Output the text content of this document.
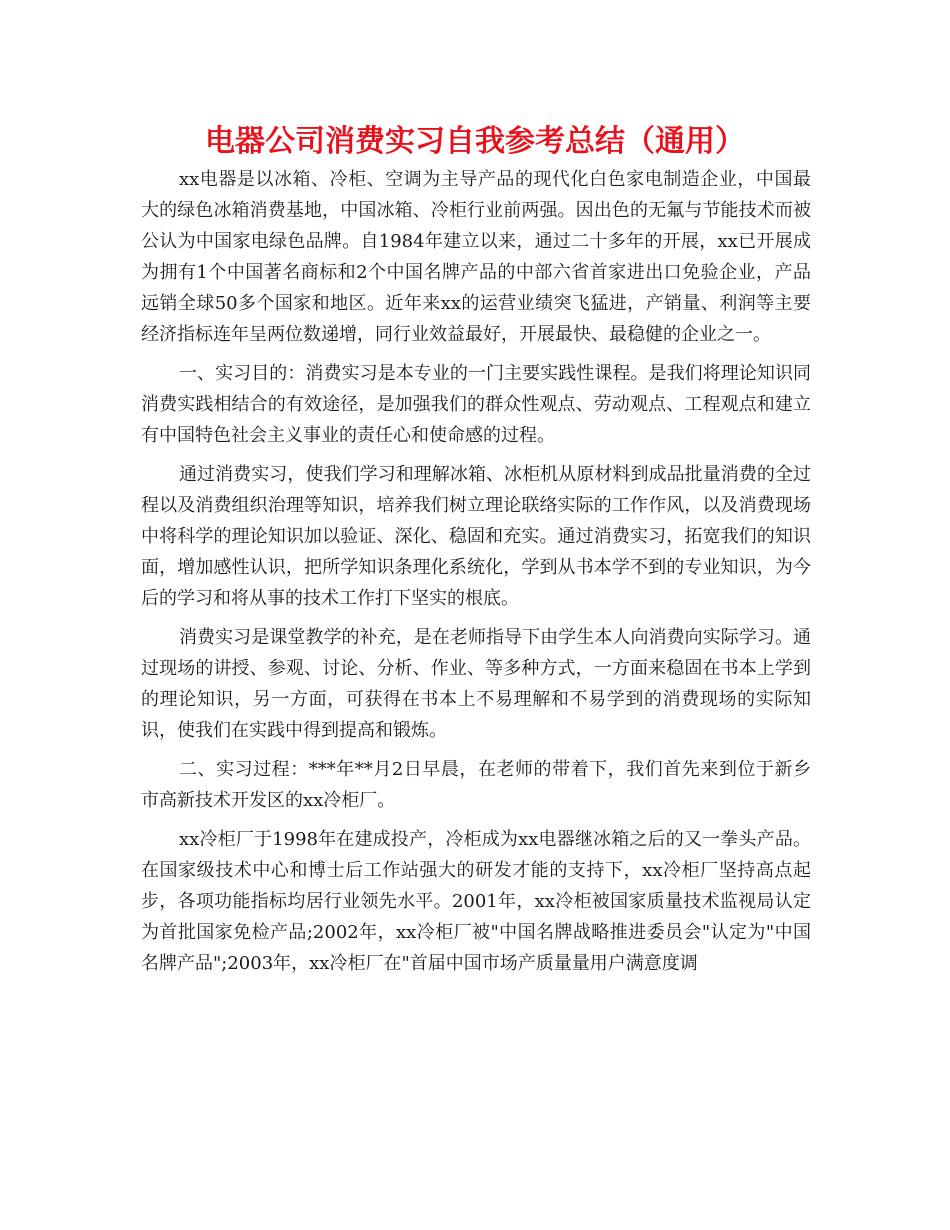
电器公司消费实习自我参考总结（通用）

xx电器是以冰箱、冷柜、空调为主导产品的现代化白色家电制造企业，中国最大的绿色冰箱消费基地，中国冰箱、冷柜行业前两强。因出色的无氟与节能技术而被公认为中国家电绿色品牌。自1984年建立以来，通过二十多年的开展，xx已开展成为拥有1个中国著名商标和2个中国名牌产品的中部六省首家进出口免验企业，产品远销全球50多个国家和地区。近年来xx的运营业绩突飞猛进，产销量、利润等主要经济指标连年呈两位数递增，同行业效益最好，开展最快、最稳健的企业之一。

一、实习目的：消费实习是本专业的一门主要实践性课程。是我们将理论知识同消费实践相结合的有效途径，是加强我们的群众性观点、劳动观点、工程观点和建立有中国特色社会主义事业的责任心和使命感的过程。

通过消费实习，使我们学习和理解冰箱、冰柜机从原材料到成品批量消费的全过程以及消费组织治理等知识，培养我们树立理论联络实际的工作作风，以及消费现场中将科学的理论知识加以验证、深化、稳固和充实。通过消费实习，拓宽我们的知识面，增加感性认识，把所学知识条理化系统化，学到从书本学不到的专业知识，为今后的学习和将从事的技术工作打下坚实的根底。

消费实习是课堂教学的补充，是在老师指导下由学生本人向消费向实际学习。通过现场的讲授、参观、讨论、分析、作业、等多种方式，一方面来稳固在书本上学到的理论知识，另一方面，可获得在书本上不易理解和不易学到的消费现场的实际知识，使我们在实践中得到提高和锻炼。

二、实习过程：***年**月2日早晨，在老师的带着下，我们首先来到位于新乡市高新技术开发区的xx冷柜厂。

xx冷柜厂于1998年在建成投产，冷柜成为xx电器继冰箱之后的又一拳头产品。在国家级技术中心和博士后工作站强大的研发才能的支持下，xx冷柜厂坚持高点起步，各项功能指标均居行业领先水平。2001年，xx冷柜被国家质量技术监视局认定为首批国家免检产品;2002年，xx冷柜厂被"中国名牌战略推进委员会"认定为"中国名牌产品";2003年，xx冷柜厂在"首届中国市场产质量量用户满意度调
